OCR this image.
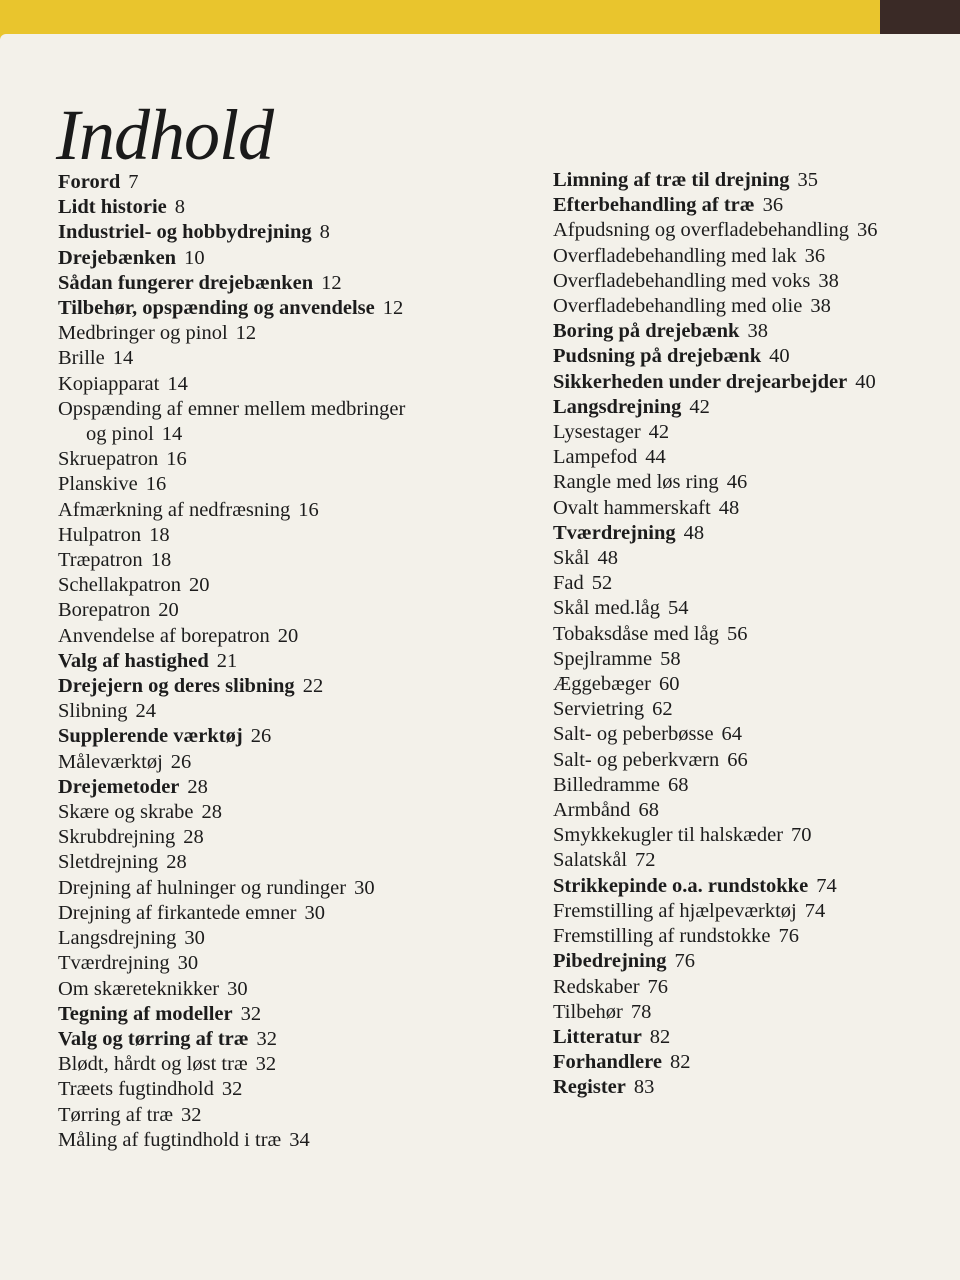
Indhold
Forord 7
Lidt historie 8
Industriel- og hobbydrejning 8
Drejebænken 10
Sådan fungerer drejebænken 12
Tilbehør, opspænding og anvendelse 12
Medbringer og pinol 12
Brille 14
Kopiapparat 14
Opspænding af emner mellem medbringer
og pinol 14
Skruepatron 16
Planskive 16
Afmærkning af nedfræsning 16
Hulpatron 18
Træpatron 18
Schellakpatron 20
Borepatron 20
Anvendelse af borepatron 20
Valg af hastighed 21
Drejejern og deres slibning 22
Slibning 24
Supplerende værktøj 26
Måleværktøj 26
Drejemetoder 28
Skære og skrabe 28
Skrubdrejning 28
Sletdrejning 28
Drejning af hulninger og rundinger 30
Drejning af firkantede emner 30
Langsdrejning 30
Tværdrejning 30
Om skæreteknikker 30
Tegning af modeller 32
Valg og tørring af træ 32
Blødt, hårdt og løst træ 32
Træets fugtindhold 32
Tørring af træ 32
Måling af fugtindhold i træ 34
Limning af træ til drejning 35
Efterbehandling af træ 36
Afpudsning og overfladebehandling 36
Overfladebehandling med lak 36
Overfladebehandling med voks 38
Overfladebehandling med olie 38
Boring på drejebænk 38
Pudsning på drejebænk 40
Sikkerheden under drejearbejder 40
Langsdrejning 42
Lysestager 42
Lampefod 44
Rangle med løs ring 46
Ovalt hammerskaft 48
Tværdrejning 48
Skål 48
Fad 52
Skål med.låg 54
Tobaksdåse med låg 56
Spejlramme 58
Æggebæger 60
Servietring 62
Salt- og peberbøsse 64
Salt- og peberkværn 66
Billedramme 68
Armbånd 68
Smykkekugler til halskæder 70
Salatskål 72
Strikkepinde o.a. rundstokke 74
Fremstilling af hjælpeværktøj 74
Fremstilling af rundstokke 76
Pibedrejning 76
Redskaber 76
Tilbehør 78
Litteratur 82
Forhandlere 82
Register 83
